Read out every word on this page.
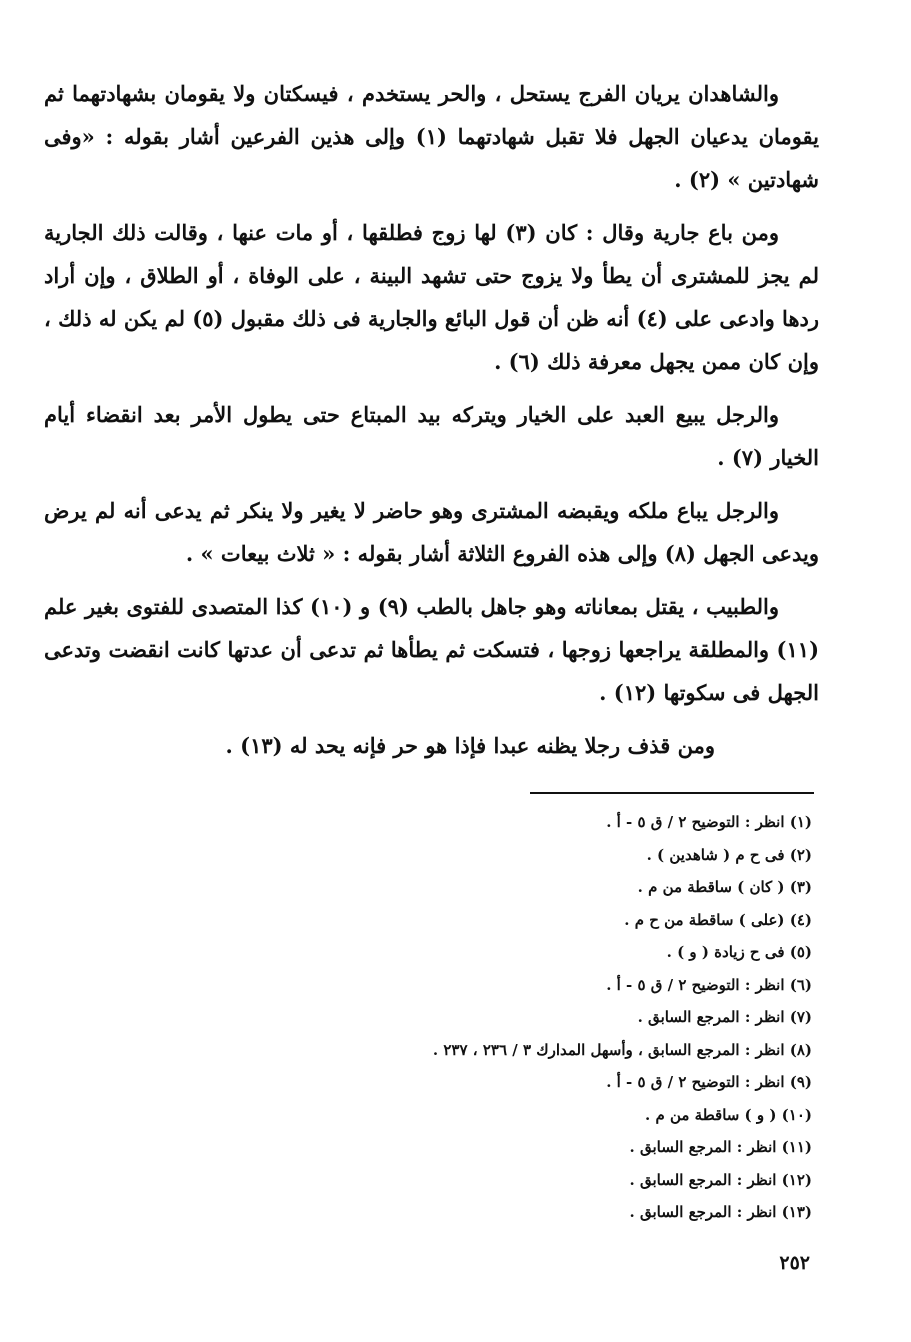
والشاهدان يريان الفرج يستحل ، والحر يستخدم ، فيسكتان ولا يقومان بشهادتهما ثم يقومان يدعيان الجهل فلا تقبل شهادتهما (١) وإلى هذين الفرعين أشار بقوله : «وفى شهادتين » (٢) .

ومن باع جارية وقال : كان (٣) لها زوج فطلقها ، أو مات عنها ، وقالت ذلك الجارية لم يجز للمشترى أن يطأ ولا يزوج حتى تشهد البينة ، على الوفاة ، أو الطلاق ، وإن أراد ردها وادعى على (٤) أنه ظن أن قول البائع والجارية فى ذلك مقبول (٥) لم يكن له ذلك ، وإن كان ممن يجهل معرفة ذلك (٦) .

والرجل يبيع العبد على الخيار ويتركه بيد المبتاع حتى يطول الأمر بعد انقضاء أيام الخيار (٧) .

والرجل يباع ملكه ويقبضه المشترى وهو حاضر لا يغير ولا ينكر ثم يدعى أنه لم يرض ويدعى الجهل (٨) وإلى هذه الفروع الثلاثة أشار بقوله : « ثلاث بيعات » .

والطبيب ، يقتل بمعاناته وهو جاهل بالطب (٩) و (١٠) كذا المتصدى للفتوى بغير علم (١١) والمطلقة يراجعها زوجها ، فتسكت ثم يطأها ثم تدعى أن عدتها كانت انقضت وتدعى الجهل فى سكوتها (١٢) .

ومن قذف رجلا يظنه عبدا فإذا هو حر فإنه يحد له (١٣) .

(١) انظر : التوضيح ٢ / ق ٥ - أ .
(٢) فى ح م ( شاهدين ) .
(٣) ( كان ) ساقطة من م .
(٤) (على ) ساقطة من ح م .
(٥) فى ح زيادة ( و ) .
(٦) انظر : التوضيح ٢ / ق ٥ - أ .
(٧) انظر : المرجع السابق .
(٨) انظر : المرجع السابق ، وأسهل المدارك ٣ / ٢٣٦ ، ٢٣٧ .
(٩) انظر : التوضيح ٢ / ق ٥ - أ .
(١٠) ( و ) ساقطة من م .
(١١) انظر : المرجع السابق .
(١٢) انظر : المرجع السابق .
(١٣) انظر : المرجع السابق .
٢٥٢
